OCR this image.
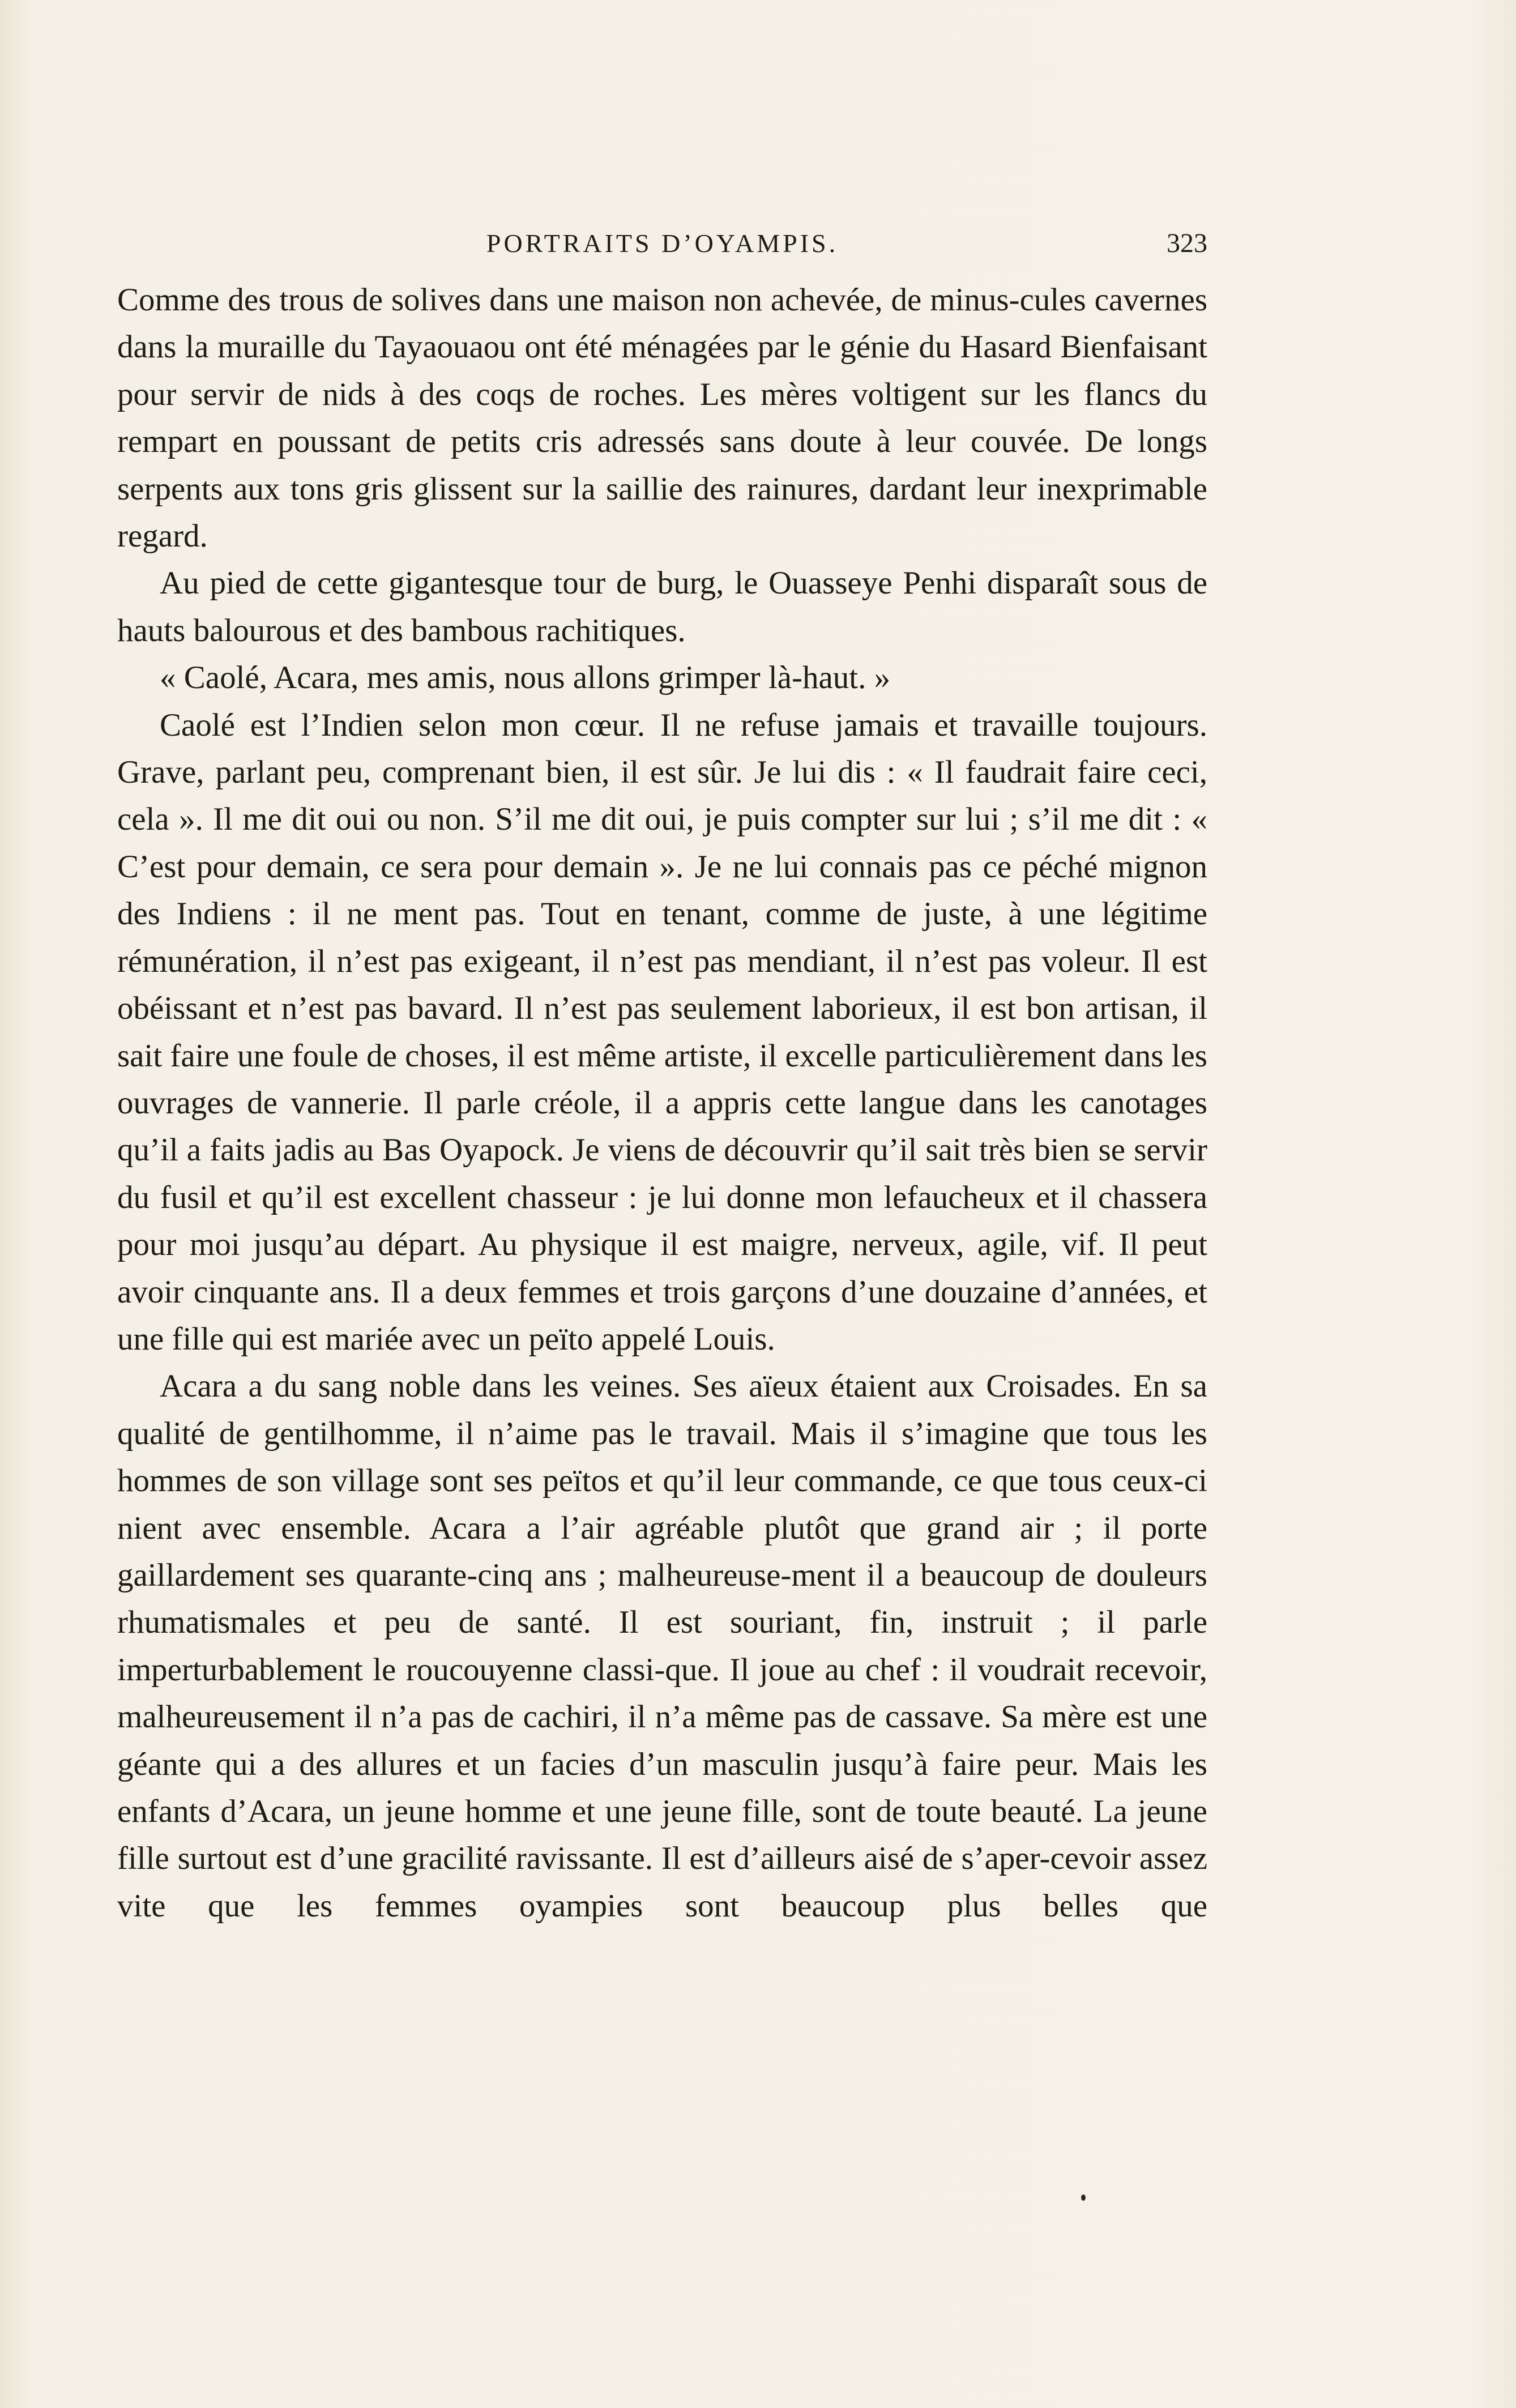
PORTRAITS D’OYAMPIS.	323

Comme des trous de solives dans une maison non achevée, de minus-cules cavernes dans la muraille du Tayaouaou ont été ménagées par le génie du Hasard Bienfaisant pour servir de nids à des coqs de roches. Les mères voltigent sur les flancs du rempart en poussant de petits cris adressés sans doute à leur couvée. De longs serpents aux tons gris glissent sur la saillie des rainures, dardant leur inexprimable regard.

Au pied de cette gigantesque tour de burg, le Ouasseye Penhi disparaît sous de hauts balourous et des bambous rachitiques.

« Caolé, Acara, mes amis, nous allons grimper là-haut. »

Caolé est l’Indien selon mon cœur. Il ne refuse jamais et travaille toujours. Grave, parlant peu, comprenant bien, il est sûr. Je lui dis : « Il faudrait faire ceci, cela ». Il me dit oui ou non. S’il me dit oui, je puis compter sur lui ; s’il me dit : « C’est pour demain, ce sera pour demain ». Je ne lui connais pas ce péché mignon des Indiens : il ne ment pas. Tout en tenant, comme de juste, à une légitime rémunération, il n’est pas exigeant, il n’est pas mendiant, il n’est pas voleur. Il est obéissant et n’est pas bavard. Il n’est pas seulement laborieux, il est bon artisan, il sait faire une foule de choses, il est même artiste, il excelle particulièrement dans les ouvrages de vannerie. Il parle créole, il a appris cette langue dans les canotages qu’il a faits jadis au Bas Oyapock. Je viens de découvrir qu’il sait très bien se servir du fusil et qu’il est excellent chasseur : je lui donne mon lefaucheux et il chassera pour moi jusqu’au départ. Au physique il est maigre, nerveux, agile, vif. Il peut avoir cinquante ans. Il a deux femmes et trois garçons d’une douzaine d’années, et une fille qui est mariée avec un peïto appelé Louis.

Acara a du sang noble dans les veines. Ses aïeux étaient aux Croisades. En sa qualité de gentilhomme, il n’aime pas le travail. Mais il s’imagine que tous les hommes de son village sont ses peïtos et qu’il leur commande, ce que tous ceux-ci nient avec ensemble. Acara a l’air agréable plutôt que grand air ; il porte gaillardement ses quarante-cinq ans ; malheureuse-ment il a beaucoup de douleurs rhumatismales et peu de santé. Il est souriant, fin, instruit ; il parle imperturbablement le roucouyenne classi-que. Il joue au chef : il voudrait recevoir, malheureusement il n’a pas de cachiri, il n’a même pas de cassave. Sa mère est une géante qui a des allures et un facies d’un masculin jusqu’à faire peur. Mais les enfants d’Acara, un jeune homme et une jeune fille, sont de toute beauté. La jeune fille surtout est d’une gracilité ravissante. Il est d’ailleurs aisé de s’aper-cevoir assez vite que les femmes oyampies sont beaucoup plus belles que
